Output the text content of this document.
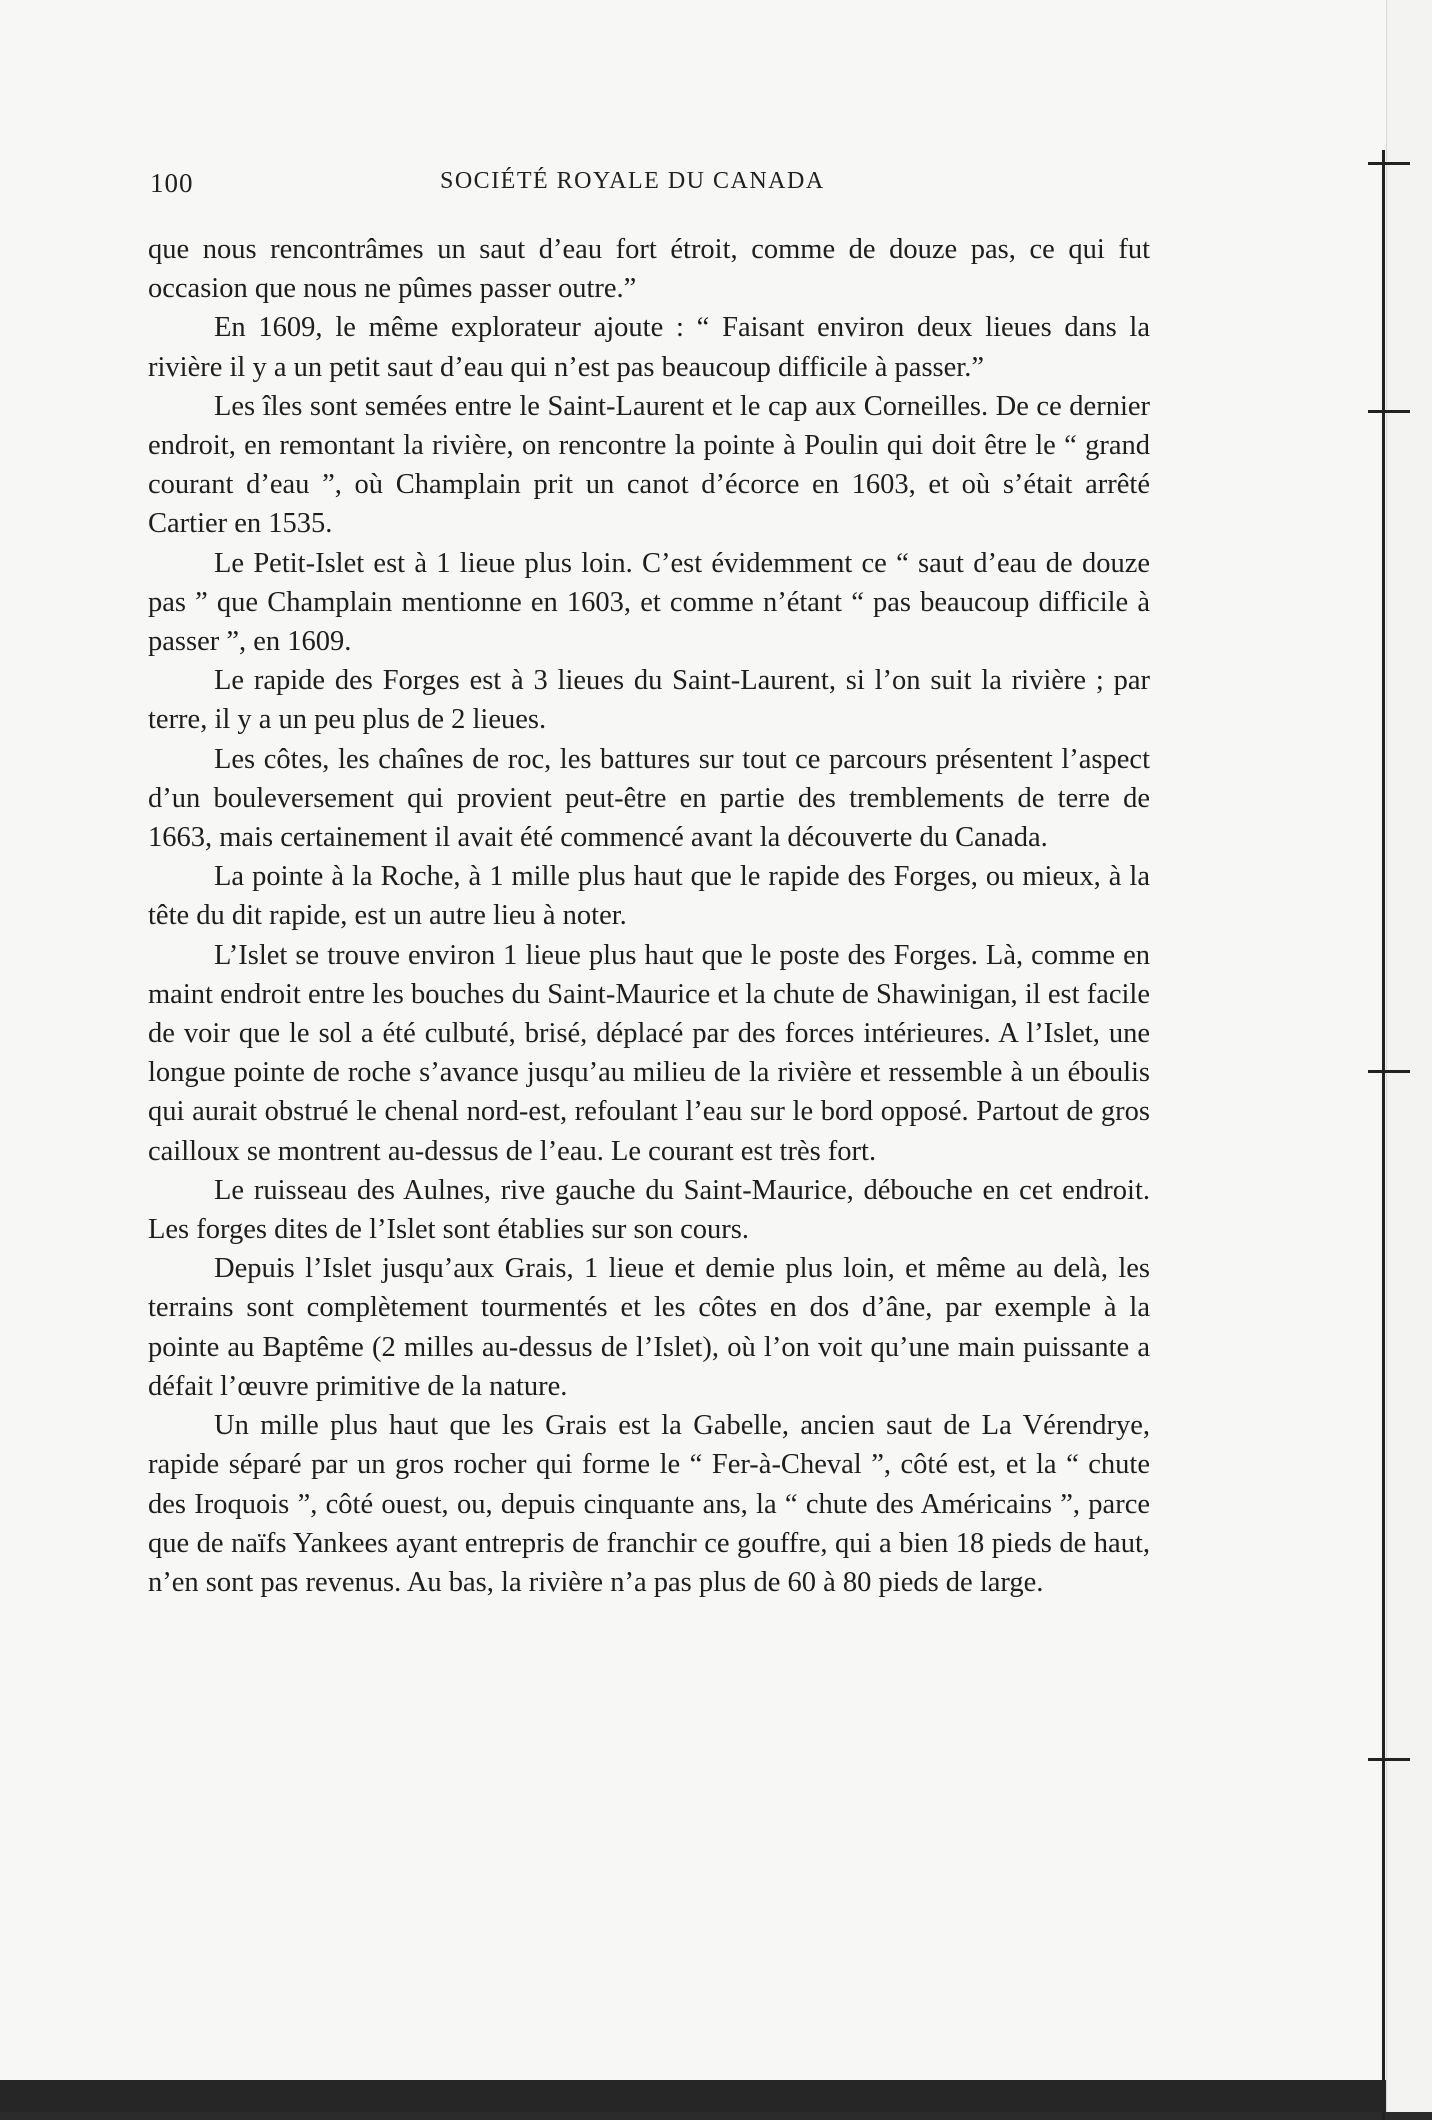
100	SOCIÉTÉ ROYALE DU CANADA

que nous rencontrâmes un saut d’eau fort étroit, comme de douze pas, ce qui fut occasion que nous ne pûmes passer outre.”

En 1609, le même explorateur ajoute : “ Faisant environ deux lieues dans la rivière il y a un petit saut d’eau qui n’est pas beaucoup difficile à passer.”

Les îles sont semées entre le Saint-Laurent et le cap aux Corneilles. De ce dernier endroit, en remontant la rivière, on rencontre la pointe à Poulin qui doit être le “ grand courant d’eau ”, où Champlain prit un canot d’écorce en 1603, et où s’était arrêté Cartier en 1535.

Le Petit-Islet est à 1 lieue plus loin. C’est évidemment ce “ saut d’eau de douze pas ” que Champlain mentionne en 1603, et comme n’étant “ pas beaucoup difficile à passer ”, en 1609.

Le rapide des Forges est à 3 lieues du Saint-Laurent, si l’on suit la rivière ; par terre, il y a un peu plus de 2 lieues.

Les côtes, les chaînes de roc, les battures sur tout ce parcours présentent l’aspect d’un bouleversement qui provient peut-être en partie des tremblements de terre de 1663, mais certainement il avait été commencé avant la découverte du Canada.

La pointe à la Roche, à 1 mille plus haut que le rapide des Forges, ou mieux, à la tête du dit rapide, est un autre lieu à noter.

L’Islet se trouve environ 1 lieue plus haut que le poste des Forges. Là, comme en maint endroit entre les bouches du Saint-Maurice et la chute de Shawinigan, il est facile de voir que le sol a été culbuté, brisé, déplacé par des forces intérieures. A l’Islet, une longue pointe de roche s’avance jusqu’au milieu de la rivière et ressemble à un éboulis qui aurait obstrué le chenal nord-est, refoulant l’eau sur le bord opposé. Partout de gros cailloux se montrent au-dessus de l’eau. Le courant est très fort.

Le ruisseau des Aulnes, rive gauche du Saint-Maurice, débouche en cet endroit. Les forges dites de l’Islet sont établies sur son cours.

Depuis l’Islet jusqu’aux Grais, 1 lieue et demie plus loin, et même au delà, les terrains sont complètement tourmentés et les côtes en dos d’âne, par exemple à la pointe au Baptême (2 milles au-dessus de l’Islet), où l’on voit qu’une main puissante a défait l’œuvre primitive de la nature.

Un mille plus haut que les Grais est la Gabelle, ancien saut de La Vérendrye, rapide séparé par un gros rocher qui forme le “ Fer-à-Cheval ”, côté est, et la “ chute des Iroquois ”, côté ouest, ou, depuis cinquante ans, la “ chute des Américains ”, parce que de naïfs Yankees ayant entrepris de franchir ce gouffre, qui a bien 18 pieds de haut, n’en sont pas revenus. Au bas, la rivière n’a pas plus de 60 à 80 pieds de large.
